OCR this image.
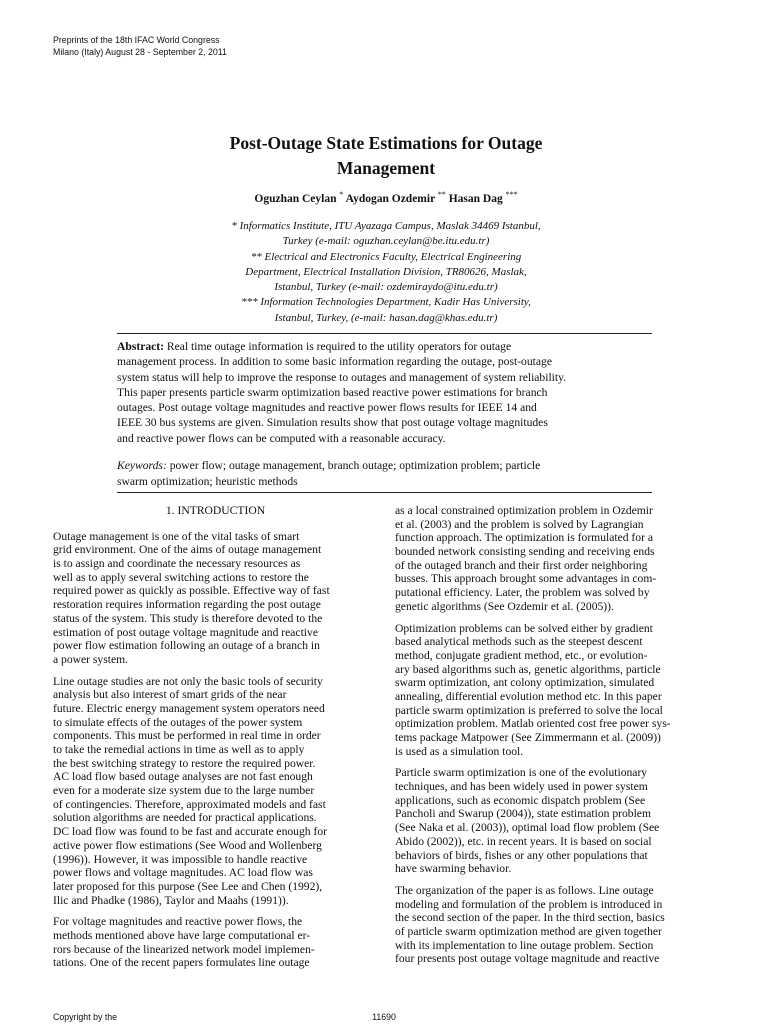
Preprints of the 18th IFAC World Congress
Milano (Italy) August 28 - September 2, 2011
Post-Outage State Estimations for Outage
Management
Oguzhan Ceylan * Aydogan Ozdemir ** Hasan Dag ***
* Informatics Institute, ITU Ayazaga Campus, Maslak 34469 Istanbul,
Turkey (e-mail: oguzhan.ceylan@be.itu.edu.tr)
** Electrical and Electronics Faculty, Electrical Engineering
Department, Electrical Installation Division, TR80626, Maslak,
Istanbul, Turkey (e-mail: ozdemiraydo@itu.edu.tr)
*** Information Technologies Department, Kadir Has University,
Istanbul, Turkey, (e-mail: hasan.dag@khas.edu.tr)
Abstract: Real time outage information is required to the utility operators for outage
management process. In addition to some basic information regarding the outage, post-outage
system status will help to improve the response to outages and management of system reliability.
This paper presents particle swarm optimization based reactive power estimations for branch
outages. Post outage voltage magnitudes and reactive power flows results for IEEE 14 and
IEEE 30 bus systems are given. Simulation results show that post outage voltage magnitudes
and reactive power flows can be computed with a reasonable accuracy.
Keywords: power flow; outage management, branch outage; optimization problem; particle
swarm optimization; heuristic methods
1. INTRODUCTION
Outage management is one of the vital tasks of smart
grid environment. One of the aims of outage management
is to assign and coordinate the necessary resources as
well as to apply several switching actions to restore the
required power as quickly as possible. Effective way of fast
restoration requires information regarding the post outage
status of the system. This study is therefore devoted to the
estimation of post outage voltage magnitude and reactive
power flow estimation following an outage of a branch in
a power system.
Line outage studies are not only the basic tools of security
analysis but also interest of smart grids of the near
future. Electric energy management system operators need
to simulate effects of the outages of the power system
components. This must be performed in real time in order
to take the remedial actions in time as well as to apply
the best switching strategy to restore the required power.
AC load flow based outage analyses are not fast enough
even for a moderate size system due to the large number
of contingencies. Therefore, approximated models and fast
solution algorithms are needed for practical applications.
DC load flow was found to be fast and accurate enough for
active power flow estimations (See Wood and Wollenberg
(1996)). However, it was impossible to handle reactive
power flows and voltage magnitudes. AC load flow was
later proposed for this purpose (See Lee and Chen (1992),
Ilic and Phadke (1986), Taylor and Maahs (1991)).
For voltage magnitudes and reactive power flows, the
methods mentioned above have large computational er-
rors because of the linearized network model implemen-
tations. One of the recent papers formulates line outage
as a local constrained optimization problem in Ozdemir
et al. (2003) and the problem is solved by Lagrangian
function approach. The optimization is formulated for a
bounded network consisting sending and receiving ends
of the outaged branch and their first order neighboring
busses. This approach brought some advantages in com-
putational efficiency. Later, the problem was solved by
genetic algorithms (See Ozdemir et al. (2005)).
Optimization problems can be solved either by gradient
based analytical methods such as the steepest descent
method, conjugate gradient method, etc., or evolution-
ary based algorithms such as, genetic algorithms, particle
swarm optimization, ant colony optimization, simulated
annealing, differential evolution method etc. In this paper
particle swarm optimization is preferred to solve the local
optimization problem. Matlab oriented cost free power sys-
tems package Matpower (See Zimmermann et al. (2009))
is used as a simulation tool.
Particle swarm optimization is one of the evolutionary
techniques, and has been widely used in power system
applications, such as economic dispatch problem (See
Pancholi and Swarup (2004)), state estimation problem
(See Naka et al. (2003)), optimal load flow problem (See
Abido (2002)), etc. in recent years. It is based on social
behaviors of birds, fishes or any other populations that
have swarming behavior.
The organization of the paper is as follows. Line outage
modeling and formulation of the problem is introduced in
the second section of the paper. In the third section, basics
of particle swarm optimization method are given together
with its implementation to line outage problem. Section
four presents post outage voltage magnitude and reactive
Copyright by the	11690
